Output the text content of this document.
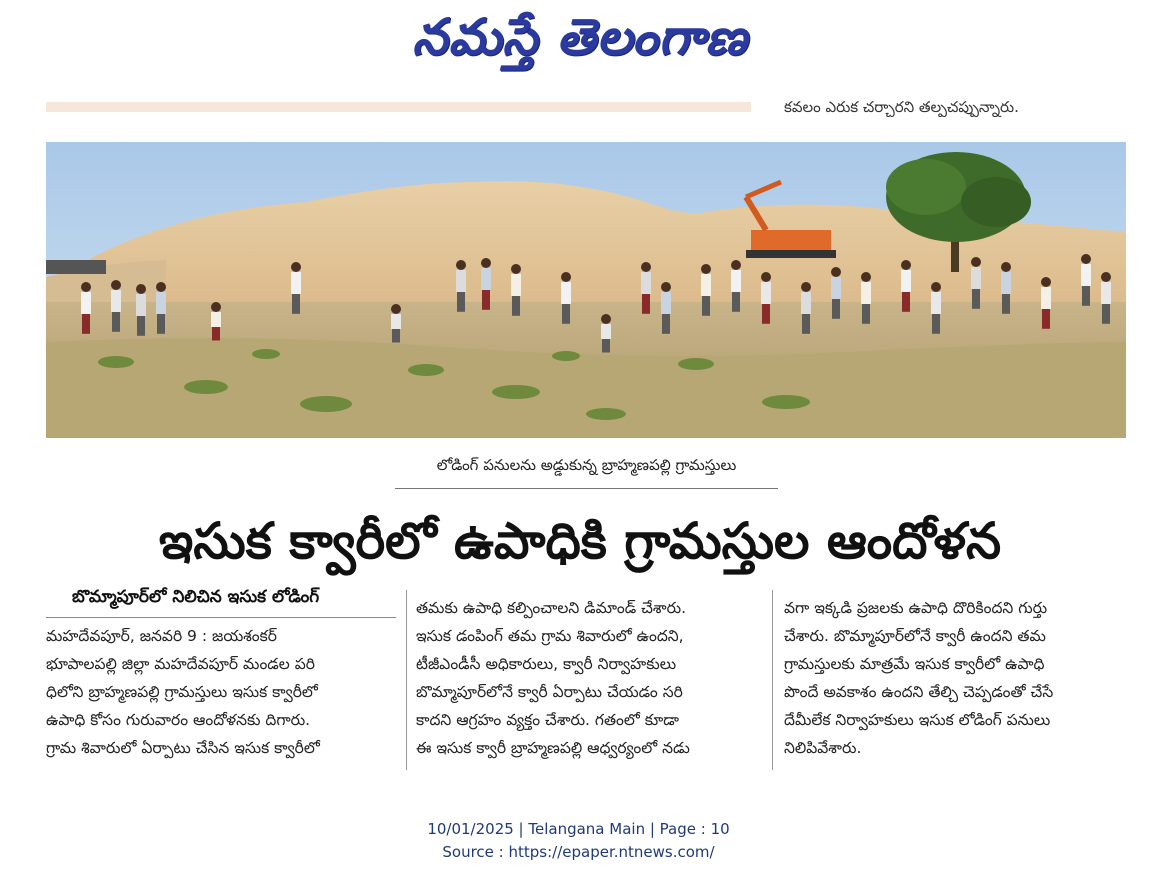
నమస్తే తెలంగాణ
కవలం ఎరుక చర్చారని తల్పచప్పున్నారు.
లోడింగ్ పనులను అడ్డుకున్న బ్రాహ్మణపల్లి గ్రామస్తులు
ఇసుక క్వారీలో ఉపాధికి గ్రామస్తుల ఆందోళన
బొమ్మాపూర్‌లో నిలిచిన ఇసుక లోడింగ్

మహదేవపూర్, జనవరి 9 : జయశంకర్

భూపాలపల్లి జిల్లా మహదేవపూర్ మండల పరి

ధిలోని బ్రాహ్మణపల్లి గ్రామస్తులు ఇసుక క్వారీలో

ఉపాధి కోసం గురువారం ఆందోళనకు దిగారు.

గ్రామ శివారులో ఏర్పాటు చేసిన ఇసుక క్వారీలో

తమకు ఉపాధి కల్పించాలని డిమాండ్ చేశారు.

ఇసుక డంపింగ్ తమ గ్రామ శివారులో ఉందని,

టీజీఎండీసీ అధికారులు, క్వారీ నిర్వాహకులు

బొమ్మాపూర్‌లోనే క్వారీ ఏర్పాటు చేయడం సరి

కాదని ఆగ్రహం వ్యక్తం చేశారు. గతంలో కూడా

ఈ ఇసుక క్వారీ బ్రాహ్మణపల్లి ఆధ్వర్యంలో నడు

వగా ఇక్కడి ప్రజలకు ఉపాధి దొరికిందని గుర్తు

చేశారు. బొమ్మాపూర్‌లోనే క్వారీ ఉందని తమ

గ్రామస్తులకు మాత్రమే ఇసుక క్వారీలో ఉపాధి

పొందే అవకాశం ఉందని తేల్చి చెప్పడంతో చేసే

దేమీలేక నిర్వాహకులు ఇసుక లోడింగ్ పనులు

నిలిపివేశారు.

10/01/2025 | Telangana Main | Page : 10
Source : https://epaper.ntnews.com/
